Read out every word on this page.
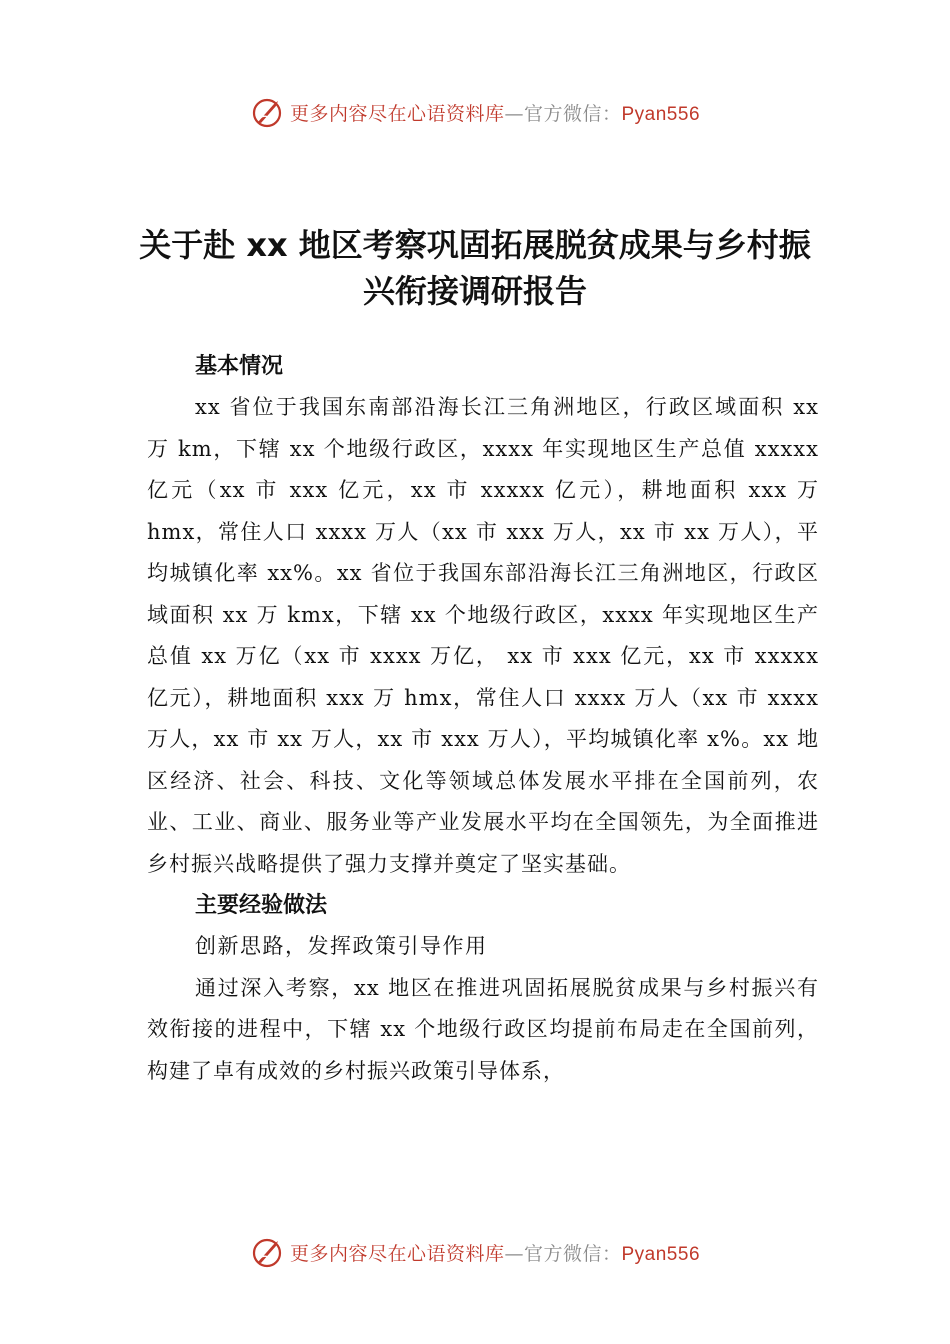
更多内容尽在心语资料库—官方微信：Pyan556
关于赴 xx 地区考察巩固拓展脱贫成果与乡村振兴衔接调研报告

基本情况

xx 省位于我国东南部沿海长江三角洲地区，行政区域面积 xx 万 km，下辖 xx 个地级行政区，xxxx 年实现地区生产总值 xxxxx 亿元（xx 市 xxx 亿元，xx 市 xxxxx 亿元），耕地面积 xxx 万 hmx，常住人口 xxxx 万人（xx 市 xxx 万人，xx 市 xx 万人），平均城镇化率 xx%。xx 省位于我国东部沿海长江三角洲地区，行政区域面积 xx 万 kmx，下辖 xx 个地级行政区，xxxx 年实现地区生产总值 xx 万亿（xx 市 xxxx 万亿， xx 市 xxx 亿元，xx 市 xxxxx 亿元），耕地面积 xxx 万 hmx，常住人口 xxxx 万人（xx 市 xxxx 万人，xx 市 xx 万人，xx 市 xxx 万人），平均城镇化率 x%。xx 地区经济、社会、科技、文化等领域总体发展水平排在全国前列，农业、工业、商业、服务业等产业发展水平均在全国领先，为全面推进乡村振兴战略提供了强力支撑并奠定了坚实基础。

主要经验做法

创新思路，发挥政策引导作用

通过深入考察，xx 地区在推进巩固拓展脱贫成果与乡村振兴有效衔接的进程中，下辖 xx 个地级行政区均提前布局走在全国前列，构建了卓有成效的乡村振兴政策引导体系，

更多内容尽在心语资料库—官方微信：Pyan556
